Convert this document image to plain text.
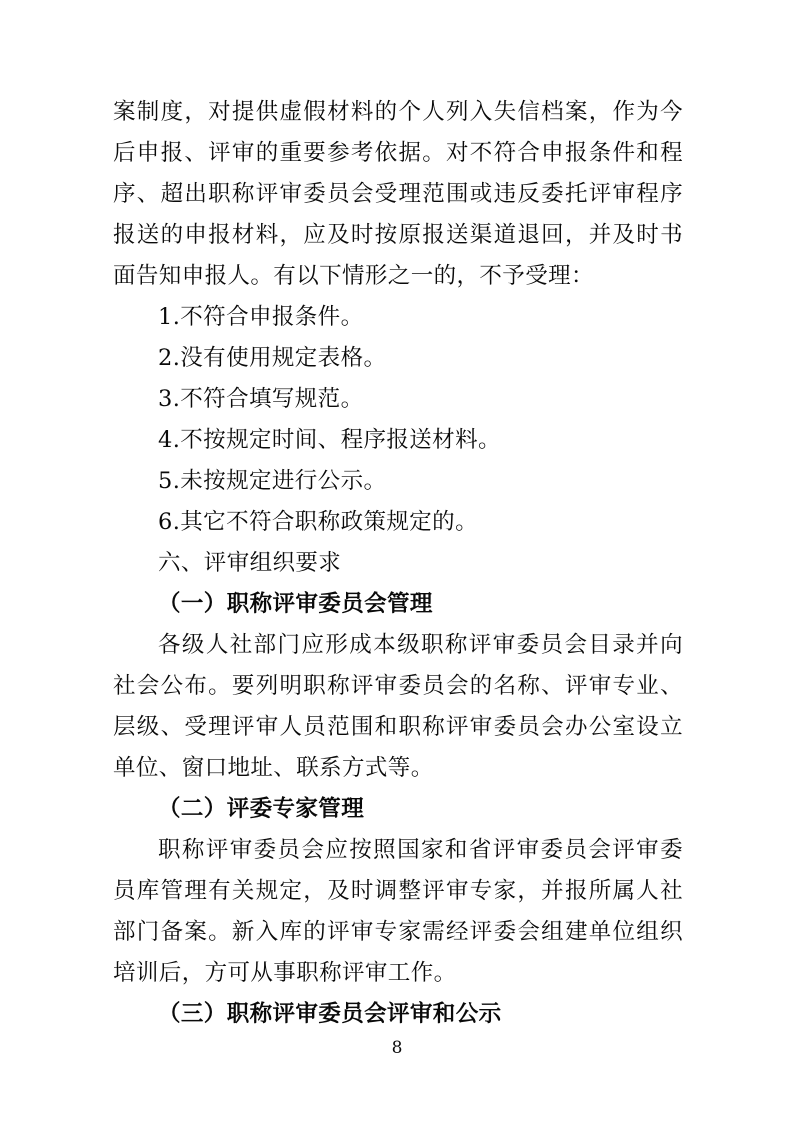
案制度，对提供虚假材料的个人列入失信档案，作为今后申报、评审的重要参考依据。对不符合申报条件和程序、超出职称评审委员会受理范围或违反委托评审程序报送的申报材料，应及时按原报送渠道退回，并及时书面告知申报人。有以下情形之一的，不予受理：

1.不符合申报条件。

2.没有使用规定表格。

3.不符合填写规范。

4.不按规定时间、程序报送材料。

5.未按规定进行公示。

6.其它不符合职称政策规定的。

六、评审组织要求

（一）职称评审委员会管理

各级人社部门应形成本级职称评审委员会目录并向社会公布。要列明职称评审委员会的名称、评审专业、层级、受理评审人员范围和职称评审委员会办公室设立单位、窗口地址、联系方式等。

（二）评委专家管理

职称评审委员会应按照国家和省评审委员会评审委员库管理有关规定，及时调整评审专家，并报所属人社部门备案。新入库的评审专家需经评委会组建单位组织培训后，方可从事职称评审工作。

（三）职称评审委员会评审和公示

8
